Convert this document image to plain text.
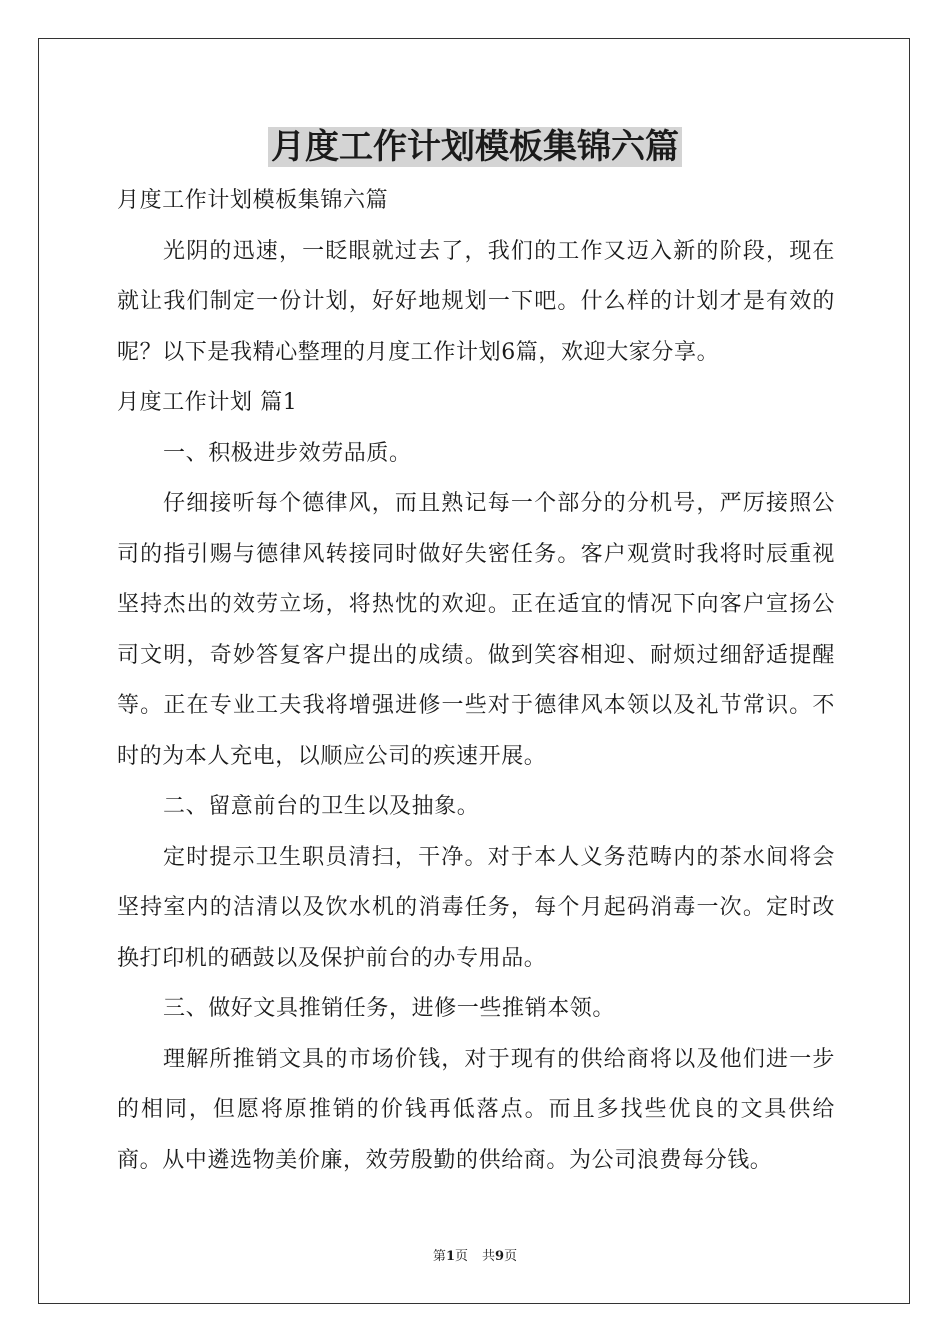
月度工作计划模板集锦六篇

月度工作计划模板集锦六篇

光阴的迅速，一眨眼就过去了，我们的工作又迈入新的阶段，现在就让我们制定一份计划，好好地规划一下吧。什么样的计划才是有效的呢？以下是我精心整理的月度工作计划6篇，欢迎大家分享。

月度工作计划 篇1

一、积极进步效劳品质。

仔细接听每个德律风，而且熟记每一个部分的分机号，严厉接照公司的指引赐与德律风转接同时做好失密任务。客户观赏时我将时辰重视坚持杰出的效劳立场，将热忱的欢迎。正在适宜的情况下向客户宣扬公司文明，奇妙答复客户提出的成绩。做到笑容相迎、耐烦过细舒适提醒等。正在专业工夫我将增强进修一些对于德律风本领以及礼节常识。不时的为本人充电，以顺应公司的疾速开展。

二、留意前台的卫生以及抽象。

定时提示卫生职员清扫，干净。对于本人义务范畴内的茶水间将会坚持室内的洁清以及饮水机的消毒任务，每个月起码消毒一次。定时改换打印机的硒鼓以及保护前台的办专用品。

三、做好文具推销任务，进修一些推销本领。

理解所推销文具的市场价钱，对于现有的供给商将以及他们进一步的相同，但愿将原推销的价钱再低落点。而且多找些优良的文具供给商。从中遴选物美价廉，效劳殷勤的供给商。为公司浪费每分钱。

第1页 共9页
